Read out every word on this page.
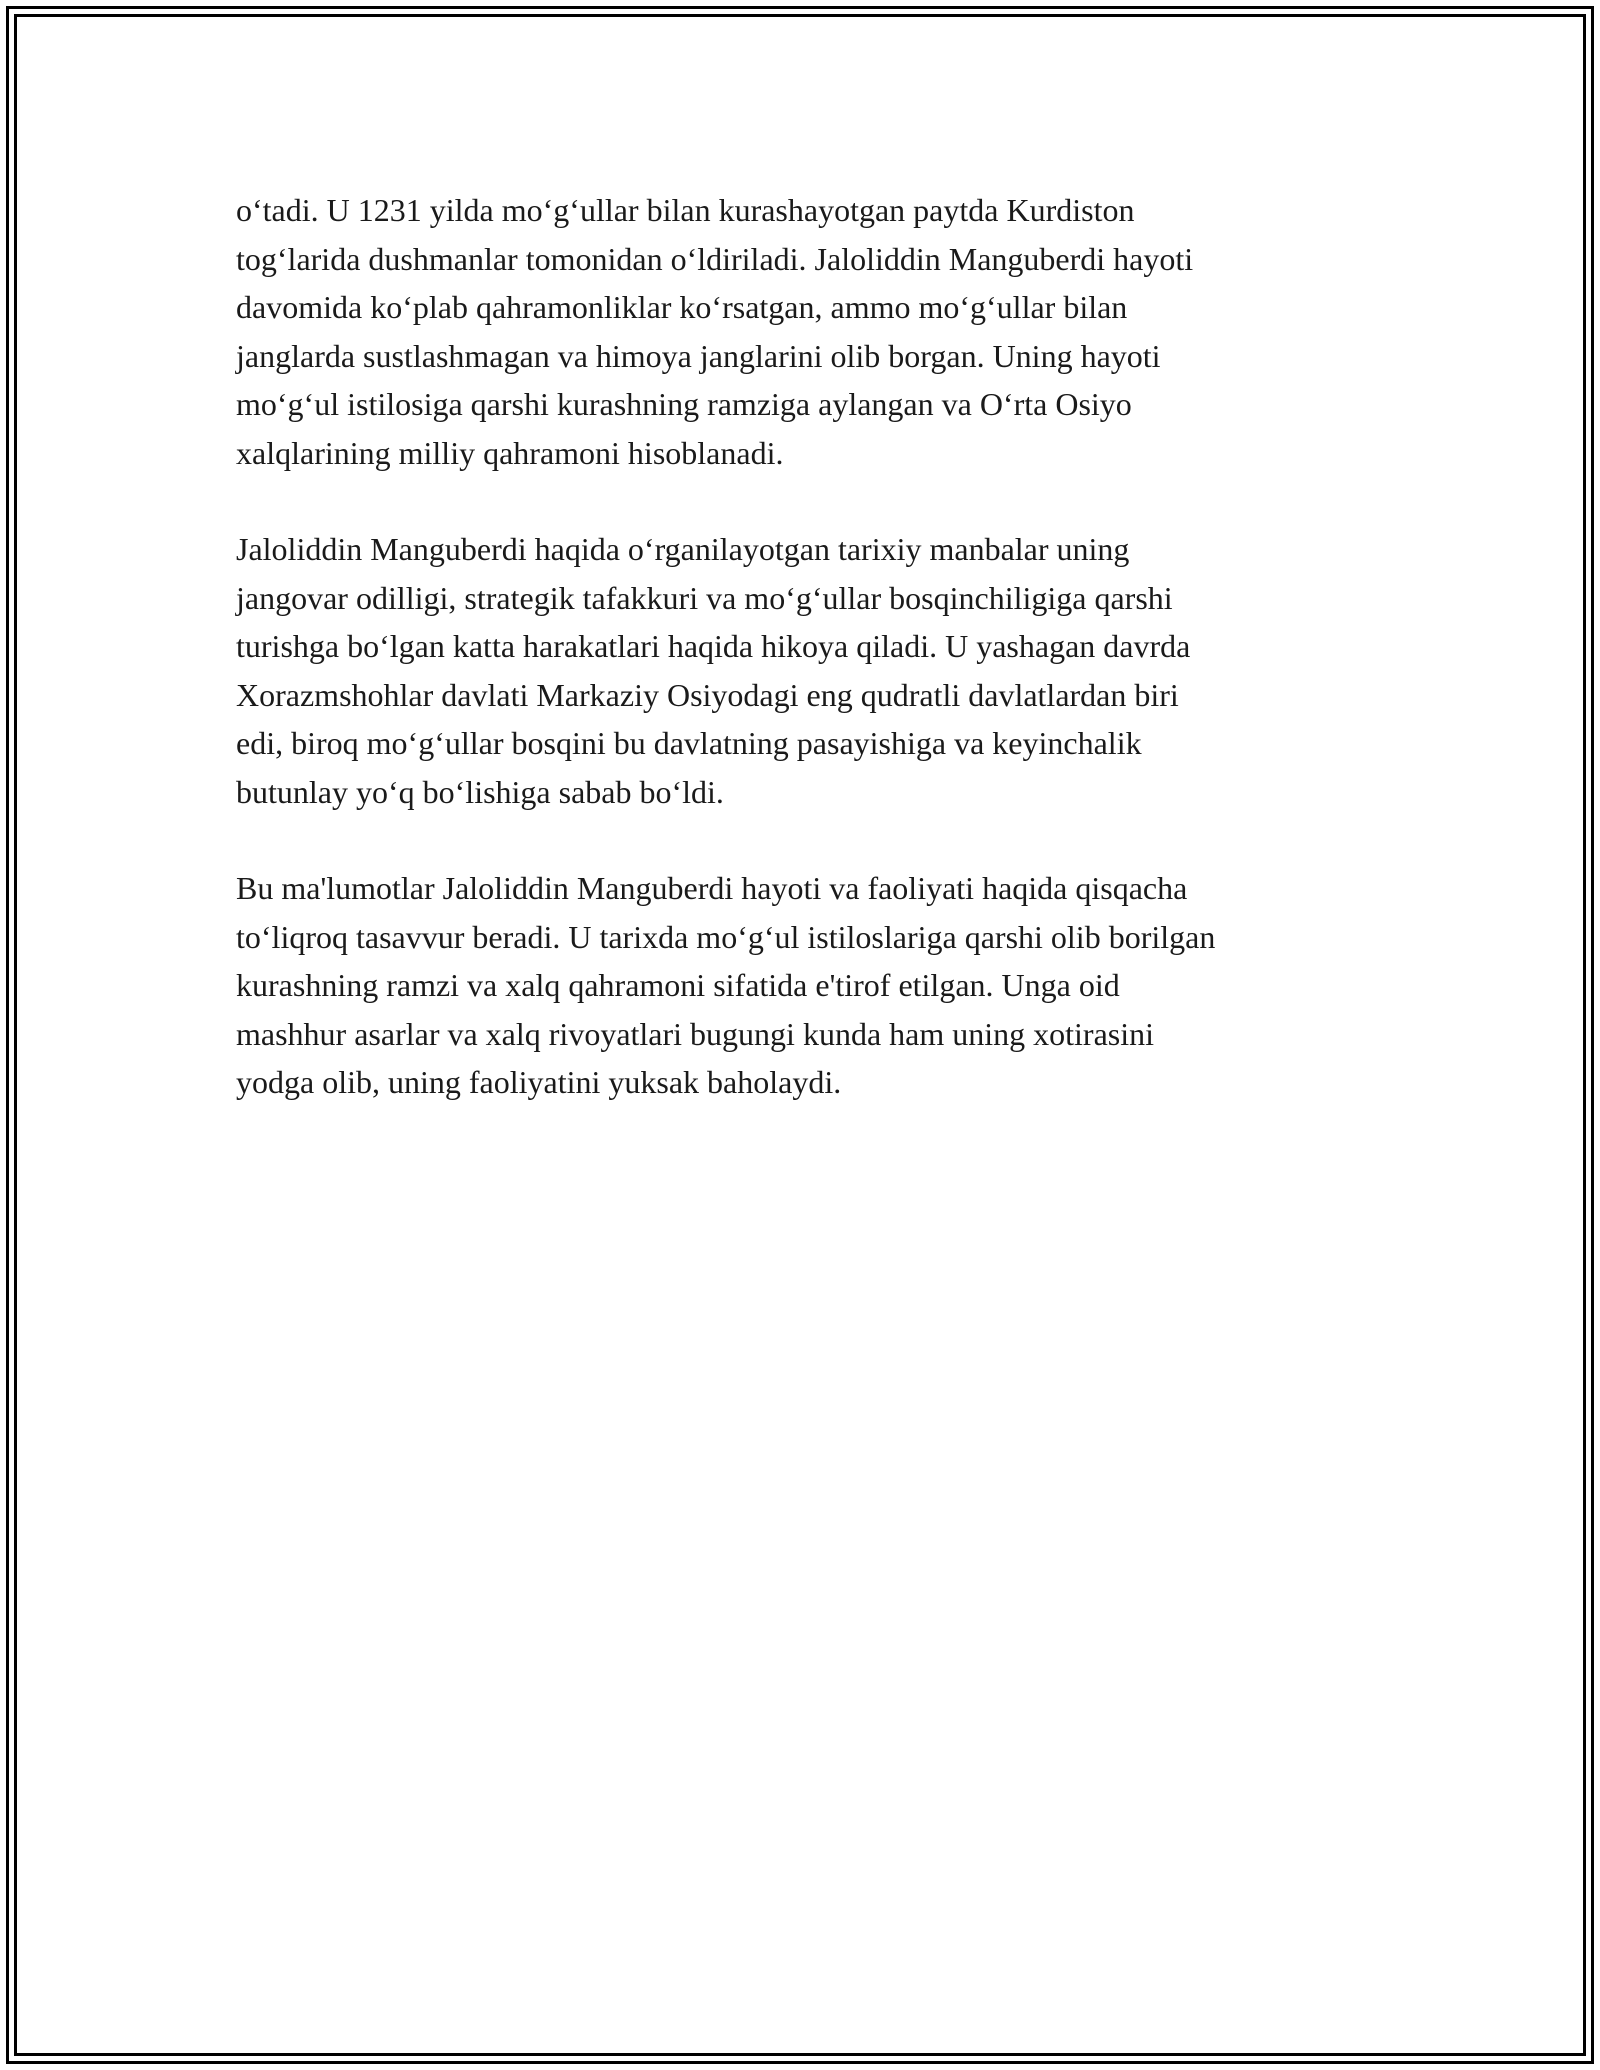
o‘tadi. U 1231 yilda mo‘g‘ullar bilan kurashayotgan paytda Kurdiston
tog‘larida dushmanlar tomonidan o‘ldiriladi. Jaloliddin Manguberdi hayoti
davomida ko‘plab qahramonliklar ko‘rsatgan, ammo mo‘g‘ullar bilan
janglarda sustlashmagan va himoya janglarini olib borgan. Uning hayoti
mo‘g‘ul istilosiga qarshi kurashning ramziga aylangan va O‘rta Osiyo
xalqlarining milliy qahramoni hisoblanadi.

Jaloliddin Manguberdi haqida o‘rganilayotgan tarixiy manbalar uning
jangovar odilligi, strategik tafakkuri va mo‘g‘ullar bosqinchiligiga qarshi
turishga bo‘lgan katta harakatlari haqida hikoya qiladi. U yashagan davrda
Xorazmshohlar davlati Markaziy Osiyodagi eng qudratli davlatlardan biri
edi, biroq mo‘g‘ullar bosqini bu davlatning pasayishiga va keyinchalik
butunlay yo‘q bo‘lishiga sabab bo‘ldi.

Bu ma'lumotlar Jaloliddin Manguberdi hayoti va faoliyati haqida qisqacha
to‘liqroq tasavvur beradi. U tarixda mo‘g‘ul istiloslariga qarshi olib borilgan
kurashning ramzi va xalq qahramoni sifatida e'tirof etilgan. Unga oid
mashhur asarlar va xalq rivoyatlari bugungi kunda ham uning xotirasini
yodga olib, uning faoliyatini yuksak baholaydi.
